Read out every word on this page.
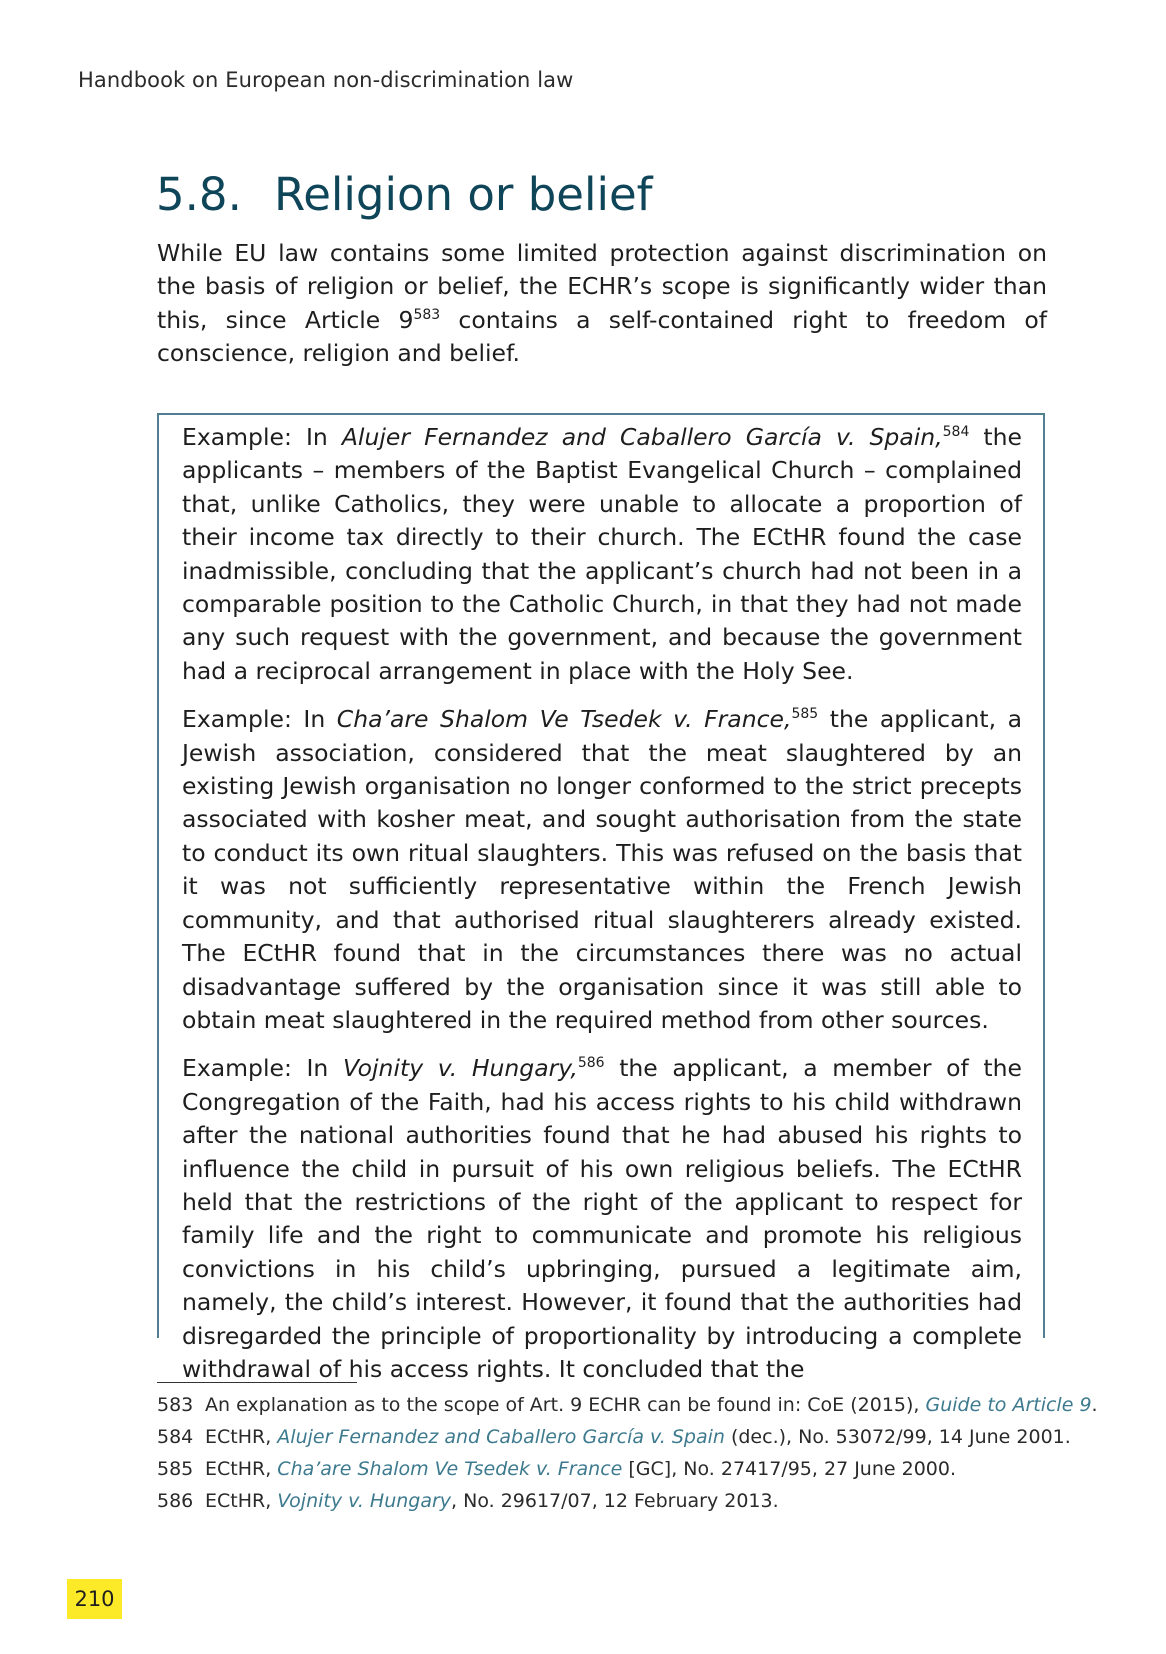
Handbook on European non-discrimination law
5.8. Religion or belief

While EU law contains some limited protection against discrimination on the basis of religion or belief, the ECHR’s scope is significantly wider than this, since Article $9^{583}$ contains a self-contained right to freedom of conscience, religion and belief.

Example: In Alujer Fernandez and Caballero García v. Spain,$^{584}$ the applicants – members of the Baptist Evangelical Church – complained that, unlike Catholics, they were unable to allocate a proportion of their income tax directly to their church. The ECtHR found the case inadmissible, concluding that the applicant’s church had not been in a comparable position to the Catholic Church, in that they had not made any such request with the government, and because the government had a reciprocal arrangement in place with the Holy See.

Example: In Cha’are Shalom Ve Tsedek v. France,$^{585}$ the applicant, a Jewish association, considered that the meat slaughtered by an existing Jewish organisation no longer conformed to the strict precepts associated with kosher meat, and sought authorisation from the state to conduct its own ritual slaughters. This was refused on the basis that it was not sufficiently representative within the French Jewish community, and that authorised ritual slaughterers already existed. The ECtHR found that in the circumstances there was no actual disadvantage suffered by the organisation since it was still able to obtain meat slaughtered in the required method from other sources.

Example: In Vojnity v. Hungary,$^{586}$ the applicant, a member of the Congregation of the Faith, had his access rights to his child withdrawn after the national authorities found that he had abused his rights to influence the child in pursuit of his own religious beliefs. The ECtHR held that the restrictions of the right of the applicant to respect for family life and the right to communicate and promote his religious convictions in his child’s upbringing, pursued a legitimate aim, namely, the child’s interest. However, it found that the authorities had disregarded the principle of proportionality by introducing a complete withdrawal of his access rights. It concluded that the

583 An explanation as to the scope of Art. 9 ECHR can be found in: CoE (2015), Guide to Article 9.
584 ECtHR, Alujer Fernandez and Caballero García v. Spain (dec.), No. 53072/99, 14 June 2001.
585 ECtHR, Cha’are Shalom Ve Tsedek v. France [GC], No. 27417/95, 27 June 2000.
586 ECtHR, Vojnity v. Hungary, No. 29617/07, 12 February 2013.
210
